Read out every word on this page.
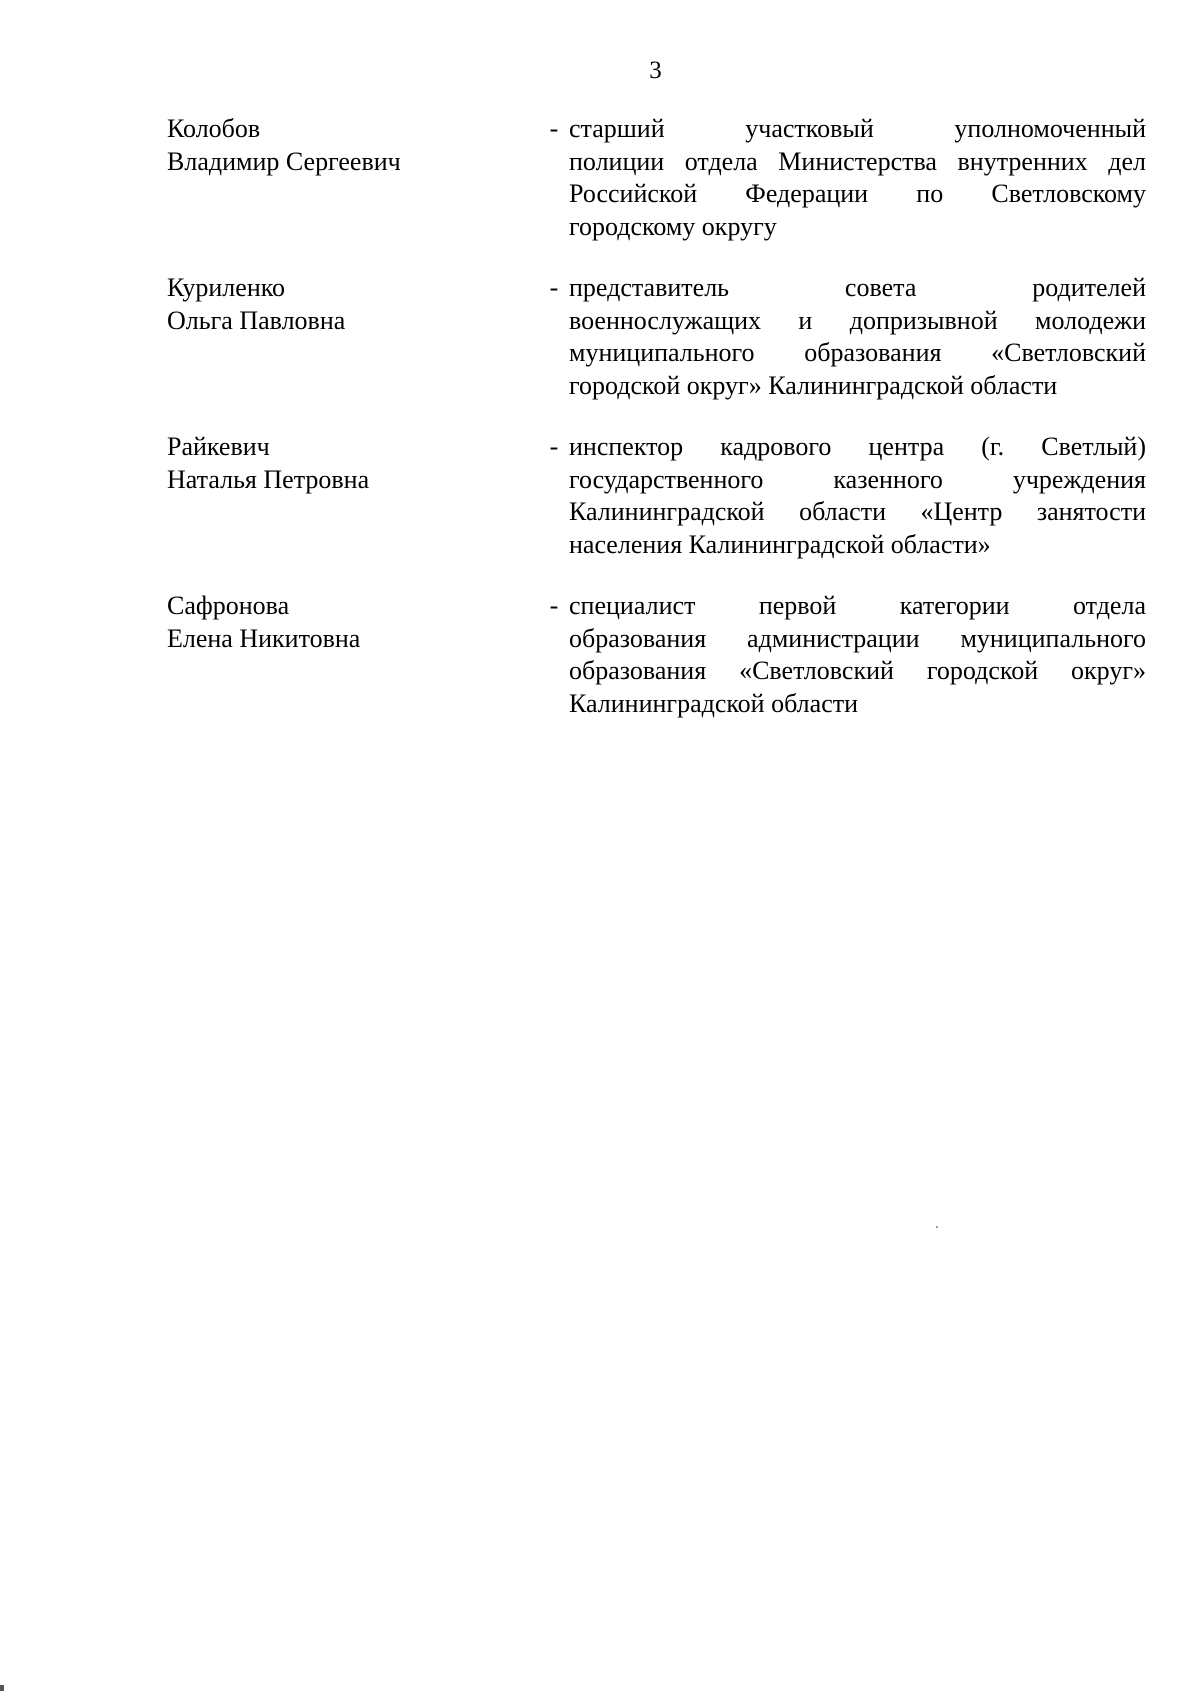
3
Колобов
Владимир Сергеевич
- старший участковый уполномоченный
полиции отдела Министерства внутренних дел
Российской Федерации по Светловскому
городскому округу
Куриленко
Ольга Павловна
- представитель совета родителей
военнослужащих и допризывной молодежи
муниципального образования «Светловский
городской округ» Калининградской области
Райкевич
Наталья Петровна
- инспектор кадрового центра (г. Светлый)
государственного казенного учреждения
Калининградской области «Центр занятости
населения Калининградской области»
Сафронова
Елена Никитовна
- специалист первой категории отдела
образования администрации муниципального
образования «Светловский городской округ»
Калининградской области
